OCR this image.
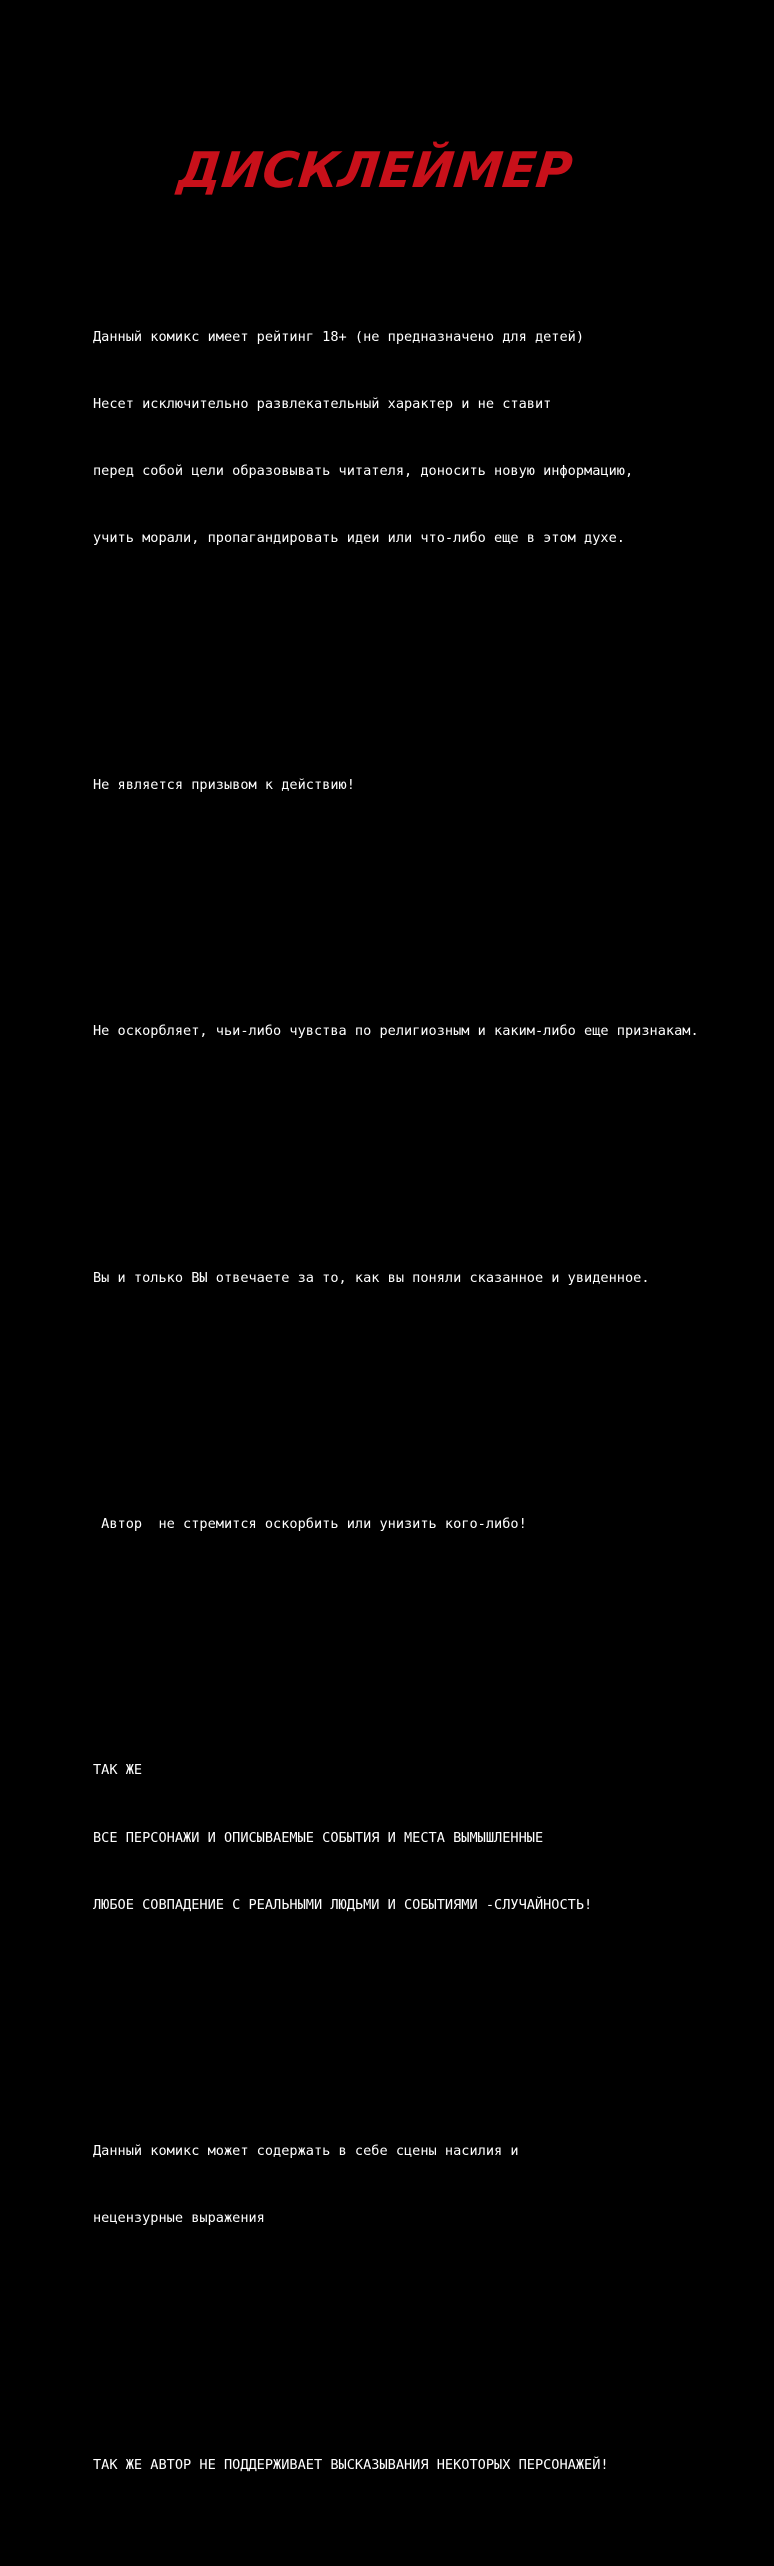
ДИСКЛЕЙМЕР

Данный комикс имеет рейтинг 18+ (не предназначено для детей)

Несет исключительно развлекательный характер и не ставит

перед собой цели образовывать читателя, доносить новую информацию,

учить морали, пропагандировать идеи или что-либо еще в этом духе.

Не является призывом к действию!

Не оскорбляет, чьи-либо чувства по религиозным и каким-либо еще признакам.

Вы и только ВЫ отвечаете за то, как вы поняли сказанное и увиденное.

Автор  не стремится оскорбить или унизить кого-либо!

ТАК ЖЕ

ВСЕ ПЕРСОНАЖИ И ОПИСЫВАЕМЫЕ СОБЫТИЯ И МЕСТА ВЫМЫШЛЕННЫЕ

ЛЮБОЕ СОВПАДЕНИЕ С РЕАЛЬНЫМИ ЛЮДЬМИ И СОБЫТИЯМИ -СЛУЧАЙНОСТЬ!

Данный комикс может содержать в себе сцены насилия и

нецензурные выражения

ТАК ЖЕ АВТОР НЕ ПОДДЕРЖИВАЕТ ВЫСКАЗЫВАНИЯ НЕКОТОРЫХ ПЕРСОНАЖЕЙ!
